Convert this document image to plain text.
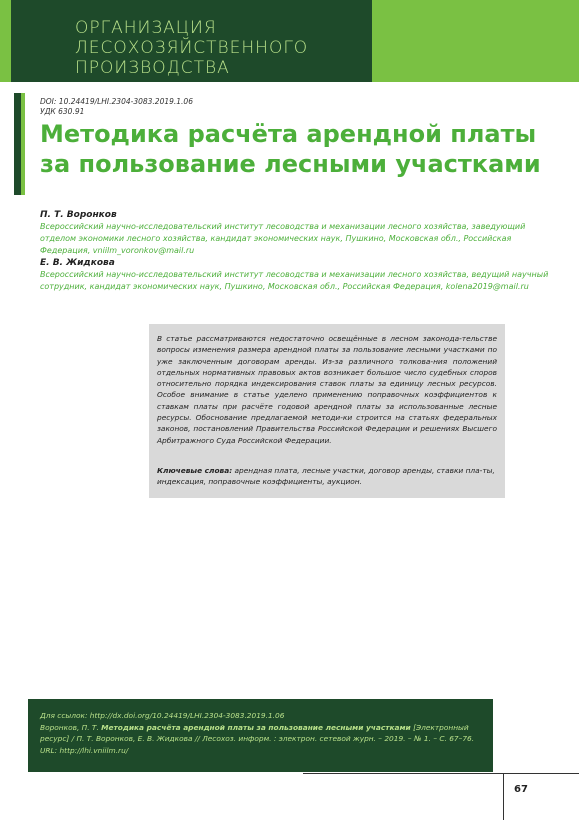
ОРГАНИЗАЦИЯ ЛЕСОХОЗЯЙСТВЕННОГО ПРОИЗВОДСТВА
DOI: 10.24419/LHI.2304-3083.2019.1.06
УДК 630.91
Методика расчёта арендной платы за пользование лесными участками
П. Т. Воронков
Всероссийский научно-исследовательский институт лесоводства и механизации лесного хозяйства, заведующий отделом экономики лесного хозяйства, кандидат экономических наук, Пушкино, Московская обл., Российская Федерация, vniilm_voronkov@mail.ru
Е. В. Жидкова
Всероссийский научно-исследовательский институт лесоводства и механизации лесного хозяйства, ведущий научный сотрудник, кандидат экономических наук, Пушкино, Московская обл., Российская Федерация, kolena2019@mail.ru
В статье рассматриваются недостаточно освещённые в лесном законода-тельстве вопросы изменения размера арендной платы за пользование лесными участками по уже заключенным договорам аренды. Из-за различного толкова-ния положений отдельных нормативных правовых актов возникает большое число судебных споров относительно порядка индексирования ставок платы за единицу лесных ресурсов. Особое внимание в статье уделено применению поправочных коэффициентов к ставкам платы при расчёте годовой арендной платы за использованные лесные ресурсы. Обоснование предлагаемой методи-ки строится на статьях федеральных законов, постановлений Правительства Российской Федерации и решениях Высшего Арбитражного Суда Российской Федерации.
Ключевые слова: арендная плата, лесные участки, договор аренды, ставки пла-ты, индексация, поправочные коэффициенты, аукцион.
Для ссылок: http://dx.doi.org/10.24419/LHI.2304-3083.2019.1.06
Воронков, П. Т. Методика расчёта арендной платы за пользование лесными участками [Электронный ресурс] / П. Т. Воронков, Е. В. Жидкова // Лесохоз. информ. : электрон. сетевой журн. – 2019. – № 1. – С. 67–76.
URL: http://lhi.vniilm.ru/
67
